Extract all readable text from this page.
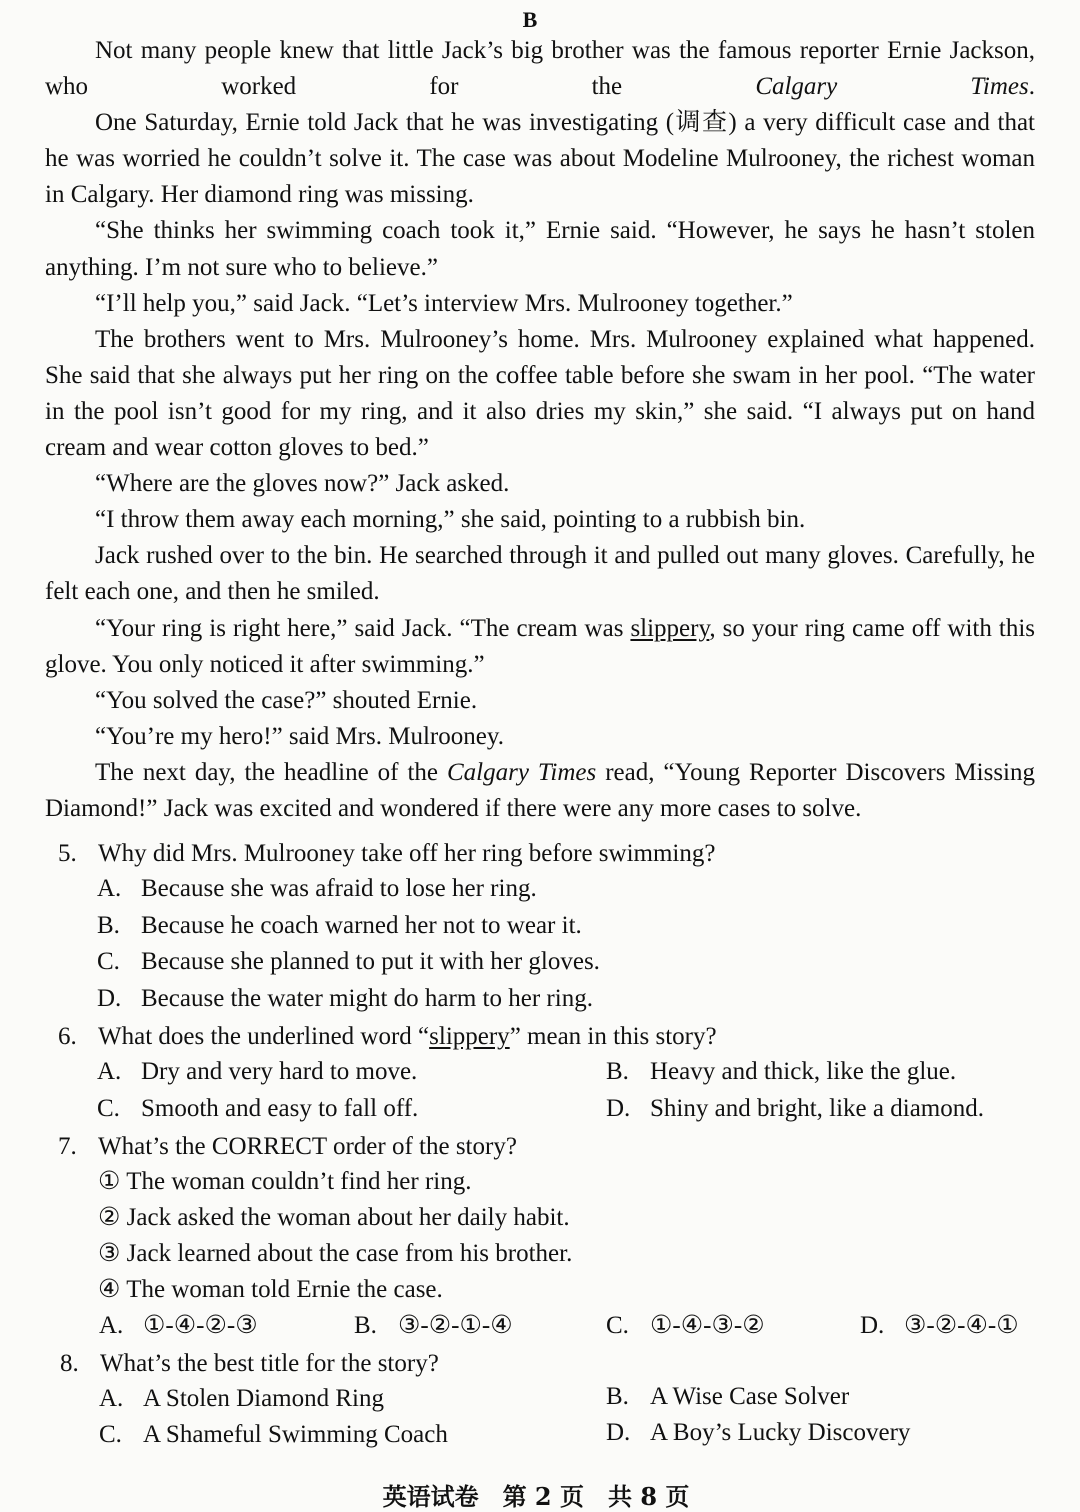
B

Not many people knew that little Jack’s big brother was the famous reporter Ernie Jackson, who worked for the Calgary Times.

One Saturday, Ernie told Jack that he was investigating (调查) a very difficult case and that he was worried he couldn’t solve it. The case was about Modeline Mulrooney, the richest woman in Calgary. Her diamond ring was missing.

“She thinks her swimming coach took it,” Ernie said. “However, he says he hasn’t stolen anything. I’m not sure who to believe.”

“I’ll help you,” said Jack. “Let’s interview Mrs. Mulrooney together.”

The brothers went to Mrs. Mulrooney’s home. Mrs. Mulrooney explained what happened. She said that she always put her ring on the coffee table before she swam in her pool. “The water in the pool isn’t good for my ring, and it also dries my skin,” she said. “I always put on hand cream and wear cotton gloves to bed.”

“Where are the gloves now?” Jack asked.

“I throw them away each morning,” she said, pointing to a rubbish bin.

Jack rushed over to the bin. He searched through it and pulled out many gloves. Carefully, he felt each one, and then he smiled.

“Your ring is right here,” said Jack. “The cream was slippery, so your ring came off with this glove. You only noticed it after swimming.”

“You solved the case?” shouted Ernie.

“You’re my hero!” said Mrs. Mulrooney.

The next day, the headline of the Calgary Times read, “Young Reporter Discovers Missing Diamond!” Jack was excited and wondered if there were any more cases to solve.

5. Why did Mrs. Mulrooney take off her ring before swimming?
A. Because she was afraid to lose her ring.
B. Because he coach warned her not to wear it.
C. Because she planned to put it with her gloves.
D. Because the water might do harm to her ring.
6. What does the underlined word “slippery” mean in this story?
A. Dry and very hard to move.	B. Heavy and thick, like the glue.
C. Smooth and easy to fall off.	D. Shiny and bright, like a diamond.
7. What’s the CORRECT order of the story?
① The woman couldn’t find her ring.
② Jack asked the woman about her daily habit.
③ Jack learned about the case from his brother.
④ The woman told Ernie the case.
A. ①-④-②-③	B. ③-②-①-④	C. ①-④-③-②	D. ③-②-④-①
8. What’s the best title for the story?
A. A Stolen Diamond Ring	B. A Wise Case Solver
C. A Shameful Swimming Coach	D. A Boy’s Lucky Discovery
英语试卷　第 2 页　共 8 页
